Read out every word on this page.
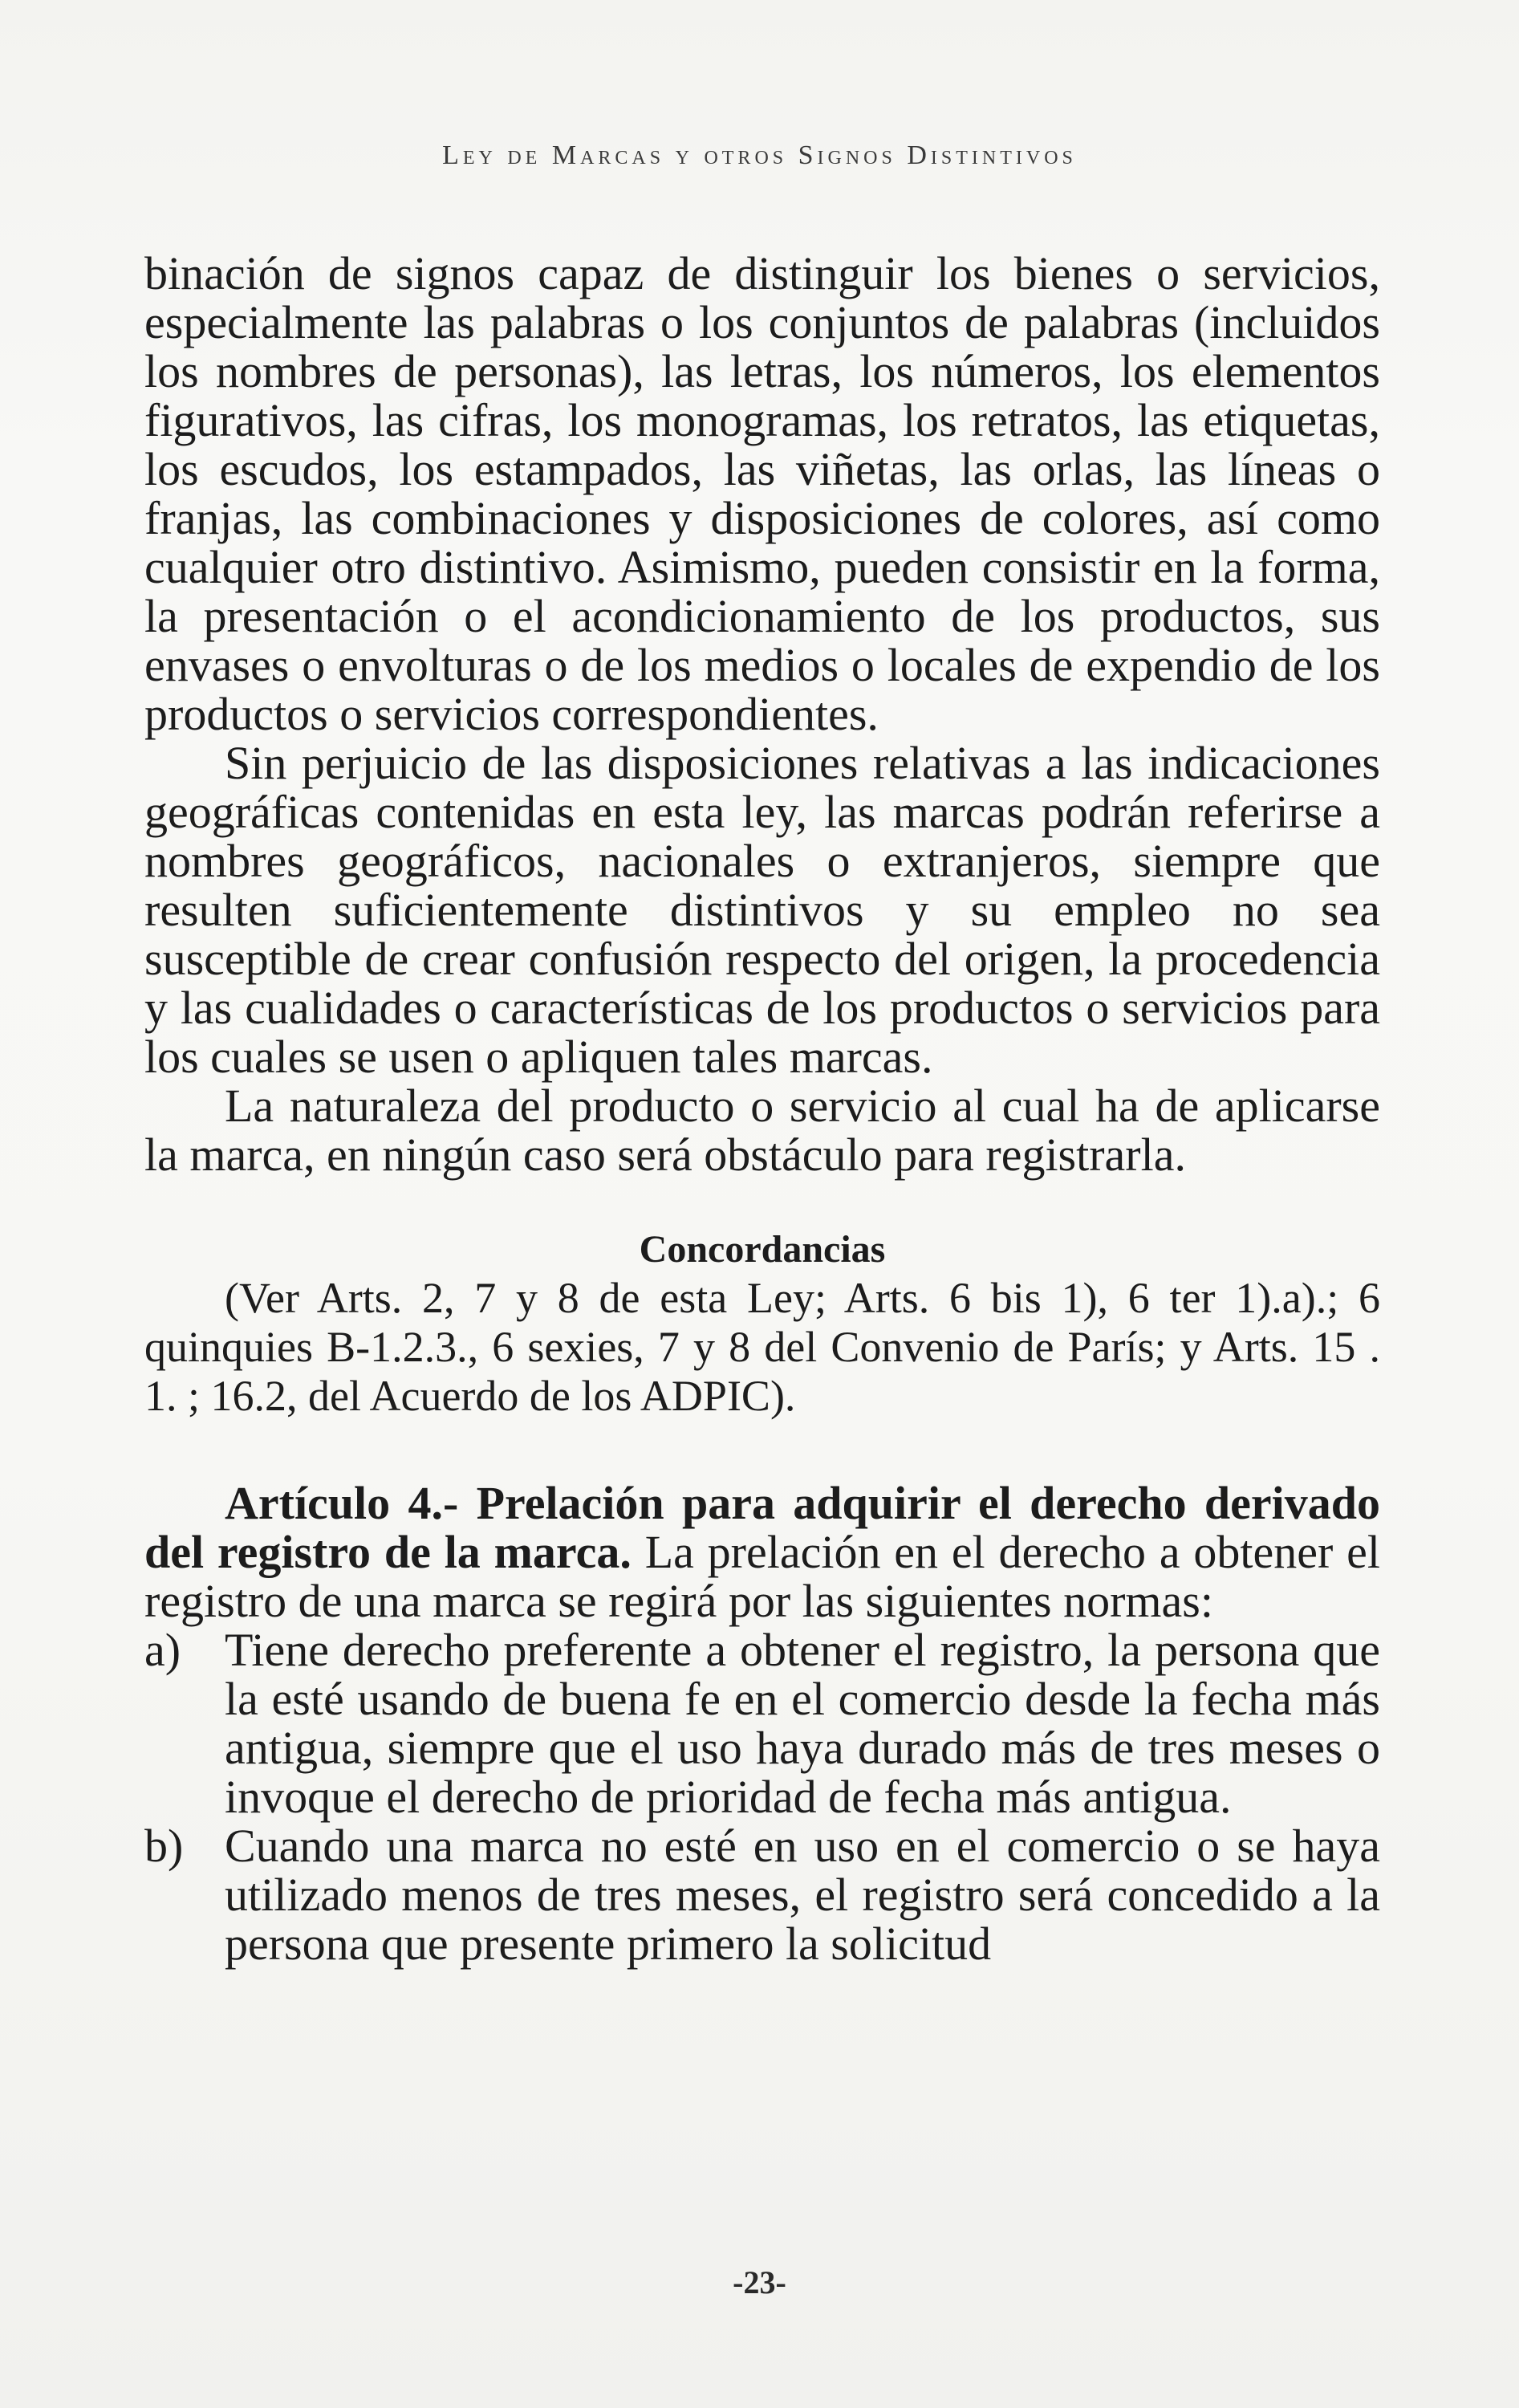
Ley de Marcas y otros Signos Distintivos

binación de signos capaz de distinguir los bienes o servicios, especialmente las palabras o los conjuntos de palabras (incluidos los nombres de personas), las letras, los números, los elementos figurativos, las cifras, los monogramas, los retratos, las etiquetas, los escudos, los estampados, las viñetas, las orlas, las líneas o franjas, las combinaciones y disposiciones de colores, así como cualquier otro distintivo. Asimismo, pueden consistir en la forma, la presentación o el acondicionamiento de los productos, sus envases o envolturas o de los medios o locales de expendio de los productos o servicios correspondientes.

Sin perjuicio de las disposiciones relativas a las indicaciones geográficas contenidas en esta ley, las marcas podrán referirse a nombres geográficos, nacionales o extranjeros, siempre que resulten suficientemente distintivos y su empleo no sea susceptible de crear confusión respecto del origen, la procedencia y las cualidades o características de los productos o servicios para los cuales se usen o apliquen tales marcas.

La naturaleza del producto o servicio al cual ha de aplicarse la marca, en ningún caso será obstáculo para registrarla.

Concordancias

(Ver Arts. 2, 7 y 8 de esta Ley; Arts. 6 bis 1), 6 ter 1).a).; 6 quinquies B-1.2.3., 6 sexies, 7 y 8 del Convenio de París; y Arts. 15 . 1. ; 16.2, del Acuerdo de los ADPIC).

Artículo 4.- Prelación para adquirir el derecho derivado del registro de la marca. La prelación en el derecho a obtener el registro de una marca se regirá por las siguientes normas:

a) Tiene derecho preferente a obtener el registro, la persona que la esté usando de buena fe en el comercio desde la fecha más antigua, siempre que el uso haya durado más de tres meses o invoque el derecho de prioridad de fecha más antigua.
b) Cuando una marca no esté en uso en el comercio o se haya utilizado menos de tres meses, el registro será concedido a la persona que presente primero la solicitud
-23-
